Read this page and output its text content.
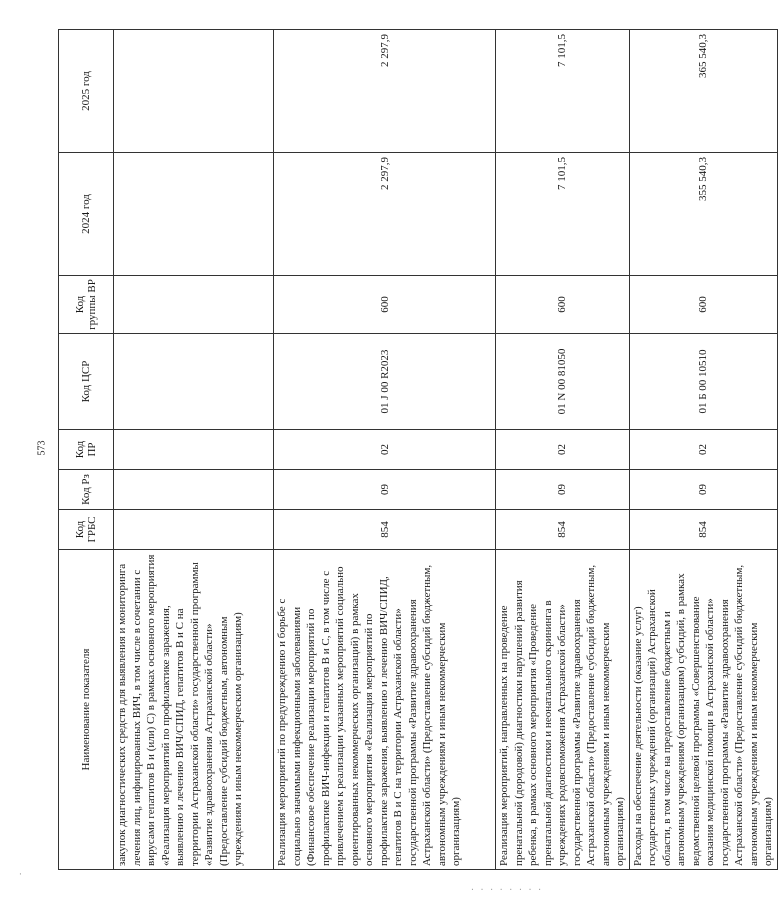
573
Наименование показателя	Код ГРБС	Код Рз	Код ПР	Код ЦСР	Код группы ВР	2024 год	2025 год
закупок диагностических средств для выявления и мониторинга лечения лиц, инфицированных ВИЧ, в том числе в сочетании с вирусами гепатитов В и (или) С) в рамках основного мероприятия «Реализация мероприятий по профилактике заражения, выявлению и лечению ВИЧ/СПИД, гепатитов В и С на территории Астраханской области» государственной программы «Развитие здравоохранения Астраханской области» (Предоставление субсидий бюджетным, автономным учреждениям и иным некоммерческим организациям)							
Реализация мероприятий по предупреждению и борьбе с социально значимыми инфекционными заболеваниями (Финансовое обеспечение реализации мероприятий по профилактике ВИЧ-инфекции и гепатитов В и С, в том числе с привлечением к реализации указанных мероприятий социально ориентированных некоммерческих организаций) в рамках основного мероприятия «Реализация мероприятий по профилактике заражения, выявлению и лечению ВИЧ/СПИД, гепатитов В и С на территории Астраханской области» государственной программы «Развитие здравоохранения Астраханской области» (Предоставление субсидий бюджетным, автономным учреждениям и иным некоммерческим организациям)	854	09	02	01 J 00 R2023	600	2 297,9	2 297,9
Реализация мероприятий, направленных на проведение пренатальной (дородовой) диагностики нарушений развития ребенка, в рамках основного мероприятия «Проведение пренатальной диагностики и неонатального скрининга в учреждениях родовспоможения Астраханской области» государственной программы «Развитие здравоохранения Астраханской области» (Предоставление субсидий бюджетным, автономным учреждениям и иным некоммерческим организациям)	854	09	02	01 N 00 81050	600	7 101,5	7 101,5
Расходы на обеспечение деятельности (оказание услуг) государственных учреждений (организаций) Астраханской области, в том числе на предоставление бюджетным и автономным учреждениям (организациям) субсидий, в рамках ведомственной целевой программы «Совершенствование оказания медицинской помощи в Астраханской области» государственной программы «Развитие здравоохранения Астраханской области» (Предоставление субсидий бюджетным, автономным учреждениям и иным некоммерческим организациям)	854	09	02	01 Б 00 10510	600	355 540,3	365 540,3
·
. . . . . . . .
